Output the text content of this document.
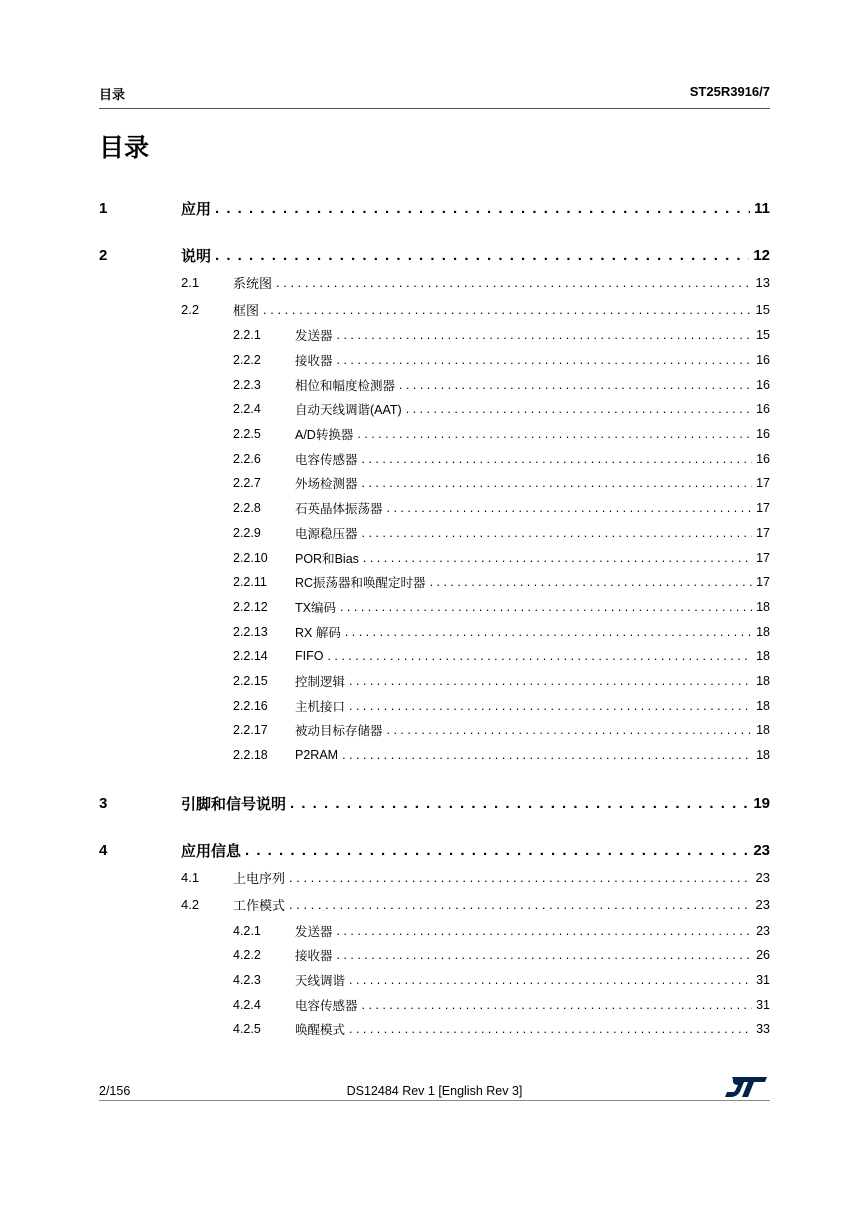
目录	ST25R3916/7
目录
1	应用 . . .	11
2	说明 . . .	12
2.1	系统图 . . .	13
2.2	框图 . . .	15
2.2.1	发送器 . . .	15
2.2.2	接收器 . . .	16
2.2.3	相位和幅度检测器 . . .	16
2.2.4	自动天线调谐(AAT) . . .	16
2.2.5	A/D转换器 . . .	16
2.2.6	电容传感器 . . .	16
2.2.7	外场检测器 . . .	17
2.2.8	石英晶体振荡器 . . .	17
2.2.9	电源稳压器 . . .	17
2.2.10	POR和Bias . . .	17
2.2.11	RC振荡器和唤醒定时器 . . .	17
2.2.12	TX编码 . . .	18
2.2.13	RX 解码 . . .	18
2.2.14	FIFO . . .	18
2.2.15	控制逻辑 . . .	18
2.2.16	主机接口 . . .	18
2.2.17	被动目标存储器 . . .	18
2.2.18	P2RAM . . .	18
3	引脚和信号说明 . . .	19
4	应用信息 . . .	23
4.1	上电序列 . . .	23
4.2	工作模式 . . .	23
4.2.1	发送器 . . .	23
4.2.2	接收器 . . .	26
4.2.3	天线调谐 . . .	31
4.2.4	电容传感器 . . .	31
4.2.5	唤醒模式 . . .	33
2/156	DS12484 Rev 1 [English Rev 3]
